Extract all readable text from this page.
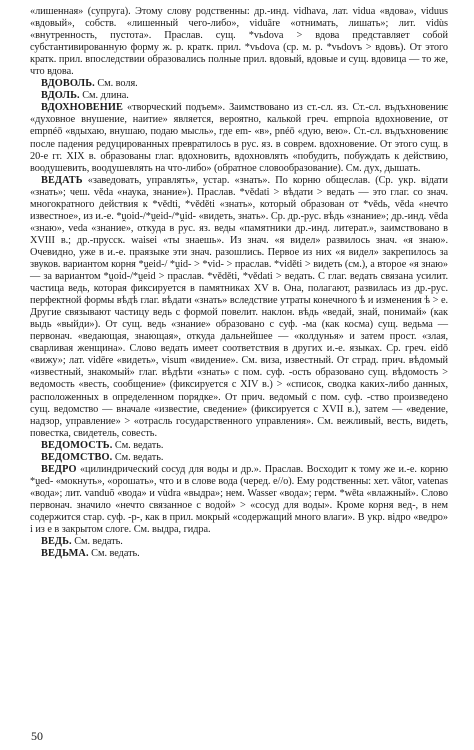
«лишенная» (супруга). Этому слову родственны: др.-инд. vidhava, лат. vidua «вдова», viduus «вдовый», собств. «лишенный чего-либо», viduāre «отнимать, лишать»; лит. vidùs «внутренность, пустота». Праслав. сущ. *vьdova > вдова представляет собой субстантивированную форму ж. р. кратк. прил. *vьdova (ср. м. р. *vьdovъ > вдовъ). От этого кратк. прил. впоследствии образовались полные прил. вдовый, вдовые и сущ. вдовица — то же, что вдова.

ВДОВОЛЬ. См. воля.

ВДОЛЬ. См. длина.

ВДОХНОВЕНИЕ «творческий подъем». Заимствовано из ст.-сл. яз. Ст.-сл. въдъхновениѥ «духовное внушение, наитие» является, вероятно, калькой греч. empnoia вдохновение, от empnéō «вдыхаю, внушаю, подаю мысль», где em- «в», pnéō «дую, вею». Ст.-сл. въдъхновениѥ после падения редуцированных превратилось в рус. яз. в соврем. вдохновение. От этого сущ. в 20-е гг. XIX в. образованы глаг. вдохновить, вдохновлять «побудить, побуждать к действию, воодушевить, воодушевлять на что-либо» (обратное словообразование). См. дух, дышать.

ВЕДАТЬ «заведовать, управлять», устар. «знать». По корню общеслав. (Ср. укр. вiдати «знать»; чеш. věda «наука, знание»). Праслав. *vědati > вѣдати > ведать — это глаг. со знач. многократного действия к *vědti, *věděti «знать», который образован от *vědь, věda «нечто известное», из и.-е. *ṷoid-/*ṷeid-/*ṷid- «видеть, знать». Ср. др.-рус. вѣдь «знание»; др.-инд. vēda «знаю», veda «знание», откуда в рус. яз. веды «памятники др.-инд. литерат.», заимствовано в XVIII в.; др.-прусск. waisei «ты знаешь». Из знач. «я видел» развилось знач. «я знаю». Очевидно, уже в и.-е. праязыке эти знач. разошлись. Первое из них «я видел» закрепилось за звуков. вариантом корня *ṷeid-/ *ṷid- > *vid- > праслав. *viděti > видеть (см.), а второе «я знаю» — за вариантом *ṷoid-/*ṷeid > праслав. *věděti, *vědati > ведать. С глаг. ведать связана усилит. частица ведь, которая фиксируется в памятниках XV в. Она, полагают, развилась из др.-рус. перфектной формы вѣдѣ глаг. вѣдати «знать» вследствие утраты конечного ѣ и изменения ѣ > е. Другие связывают частицу ведь с формой повелит. наклон. вѣдь «ведай, знай, понимай» (как выдь «выйди»). От сущ. ведь «знание» образовано с суф. -ма (как косма) сущ. ведьма — первонач. «ведающая, знающая», откуда дальнейшее — «колдунья» и затем прост. «злая, сварливая женщина». Слово ведать имеет соответствия в других и.-е. языках. Ср. греч. eidō «вижу»; лат. vidēre «видеть», visum «видение». См. виза, известный. От страд. прич. вѣдомый «известный, знакомый» глаг. вѣдѣти «знать» с пом. суф. -ость образовано сущ. вѣдомость > ведомость «весть, сообщение» (фиксируется с XIV в.) > «список, сводка каких-либо данных, расположенных в определенном порядке». От прич. ведомый с пом. суф. -ство произведено сущ. ведомство — вначале «известие, сведение» (фиксируется с XVII в.), затем — «ведение, надзор, управление» > «отрасль государственного управления». См. вежливый, весть, видеть, повестка, свидетель, совесть.

ВЕДОМОСТЬ. См. ведать.

ВЕДОМСТВО. См. ведать.

ВЕДРО «цилиндрический сосуд для воды и др.». Праслав. Восходит к тому же и.-е. корню *ṷed- «мокнуть», «орошать», что и в слове вода (черед. е//о). Ему родственны: хет. vātor, vatenas «вода»; лит. vanduõ «вода» и vùdra «выдра»; нем. Wasser «вода»; герм. *wēta «влажный». Слово первонач. значило «нечто связанное с водой» > «сосуд для воды». Кроме корня вед-, в нем содержится стар. суф. -р-, как в прил. мокрый «содержащий много влаги». В укр. вiдро «ведро» і из е в закрытом слоге. См. выдра, гидра.

ВЕДЬ. См. ведать.

ВЕДЬМА. См. ведать.

50
